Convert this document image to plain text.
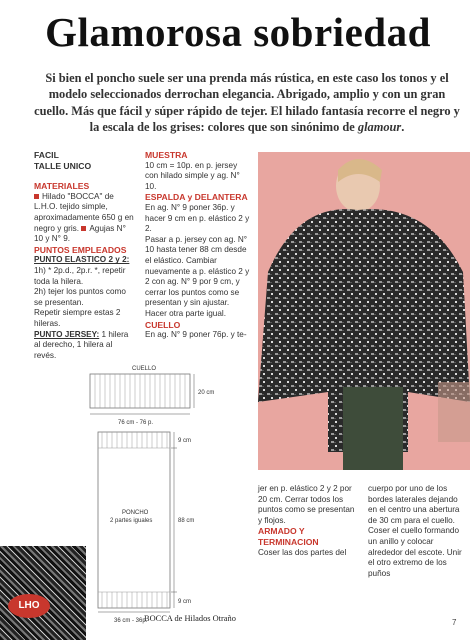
Glamorosa sobriedad

Si bien el poncho suele ser una prenda más rústica, en este caso los tonos y el modelo seleccionados derrochan elegancia. Abrigado, amplio y con un gran cuello. Más que fácil y súper rápido de tejer. El hilado fantasía recorre el negro y la escala de los grises: colores que son sinónimo de glamour.

FACIL

TALLE UNICO

MATERIALES

Hilado "BOCCA" de L.H.O. tejido simple, aproximadamente 650 g en negro y gris. Agujas N° 10 y N° 9.

PUNTOS EMPLEADOS

PUNTO ELASTICO 2 y 2:

1h) * 2p.d., 2p.r. *, repetir toda la hilera.

2h) tejer los puntos como se presentan.

Repetir siempre estas 2 hileras.

PUNTO JERSEY: 1 hilera al derecho, 1 hilera al revés.

MUESTRA

10 cm = 10p. en p. jersey con hilado simple y ag. N° 10.

ESPALDA y DELANTERA

En ag. N° 9 poner 36p. y hacer 9 cm en p. elástico 2 y 2.

Pasar a p. jersey con ag. N° 10 hasta tener 88 cm desde el elástico. Cambiar nuevamente a p. elástico 2 y 2 con ag. N° 9 por 9 cm, y cerrar los puntos como se presentan y sin ajustar. Hacer otra parte igual.

CUELLO

En ag. N° 9 poner 76p. y te-

CUELLO
20 cm
76 cm - 76 p.
PONCHO
2 partes iguales
9 cm
88 cm
9 cm
36 cm - 36p.

jer en p. elástico 2 y 2 por 20 cm. Cerrar todos los puntos como se presentan y flojos.

ARMADO Y TERMINACION

Coser las dos partes del

cuerpo por uno de los bordes laterales dejando en el centro una abertura de 30 cm para el cuello.

Coser el cuello formando un anillo y colocar alrededor del escote. Unir el otro extremo de los puños

LHO
BOCCA de Hilados Otraño	7
